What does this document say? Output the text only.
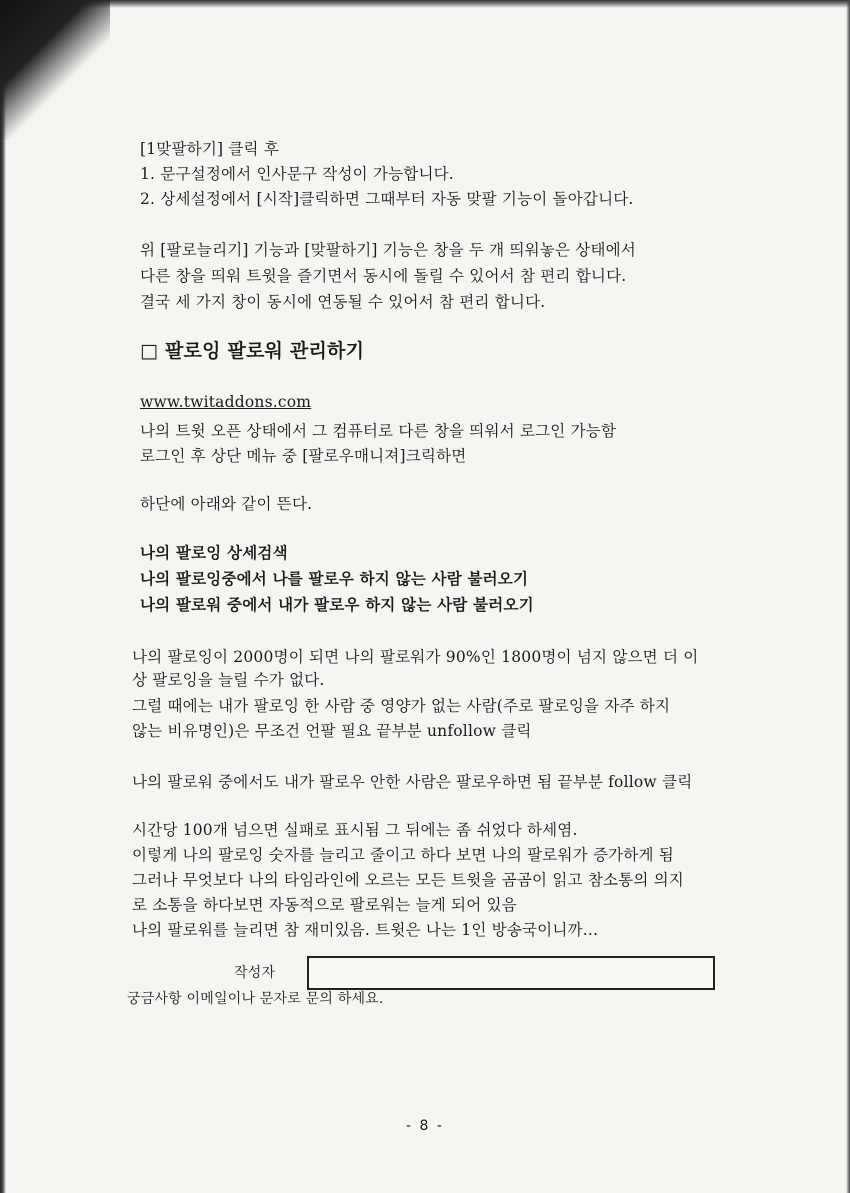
[1맞팔하기] 클릭 후
1. 문구설정에서 인사문구 작성이 가능합니다.
2. 상세설정에서 [시작]클릭하면 그때부터 자동 맞팔 기능이 돌아갑니다.
위 [팔로늘리기] 기능과 [맞팔하기] 기능은 창을 두 개 띄워놓은 상태에서
다른 창을 띄워 트윗을 즐기면서 동시에 돌릴 수 있어서 참 편리 합니다.
결국 세 가지 창이 동시에 연동될 수 있어서 참 편리 합니다.
□ 팔로잉 팔로워 관리하기
www.twitaddons.com
나의 트윗 오픈 상태에서 그 컴퓨터로 다른 창을 띄워서 로그인 가능함
로그인 후 상단 메뉴 중 [팔로우매니져]크릭하면
하단에 아래와 같이 뜬다.
나의 팔로잉 상세검색
나의 팔로잉중에서 나를 팔로우 하지 않는 사람 불러오기
나의 팔로워 중에서 내가 팔로우 하지 않는 사람 불러오기
나의 팔로잉이 2000명이 되면 나의 팔로워가 90%인 1800명이 넘지 않으면 더 이
상 팔로잉을 늘릴 수가 없다.
그럴 때에는 내가 팔로잉 한 사람 중 영양가 없는 사람(주로 팔로잉을 자주 하지
않는 비유명인)은 무조건 언팔 필요 끝부분 unfollow 클릭
나의 팔로워 중에서도 내가 팔로우 안한 사람은 팔로우하면 됨 끝부분 follow 클릭
시간당 100개 넘으면 실패로 표시됨 그 뒤에는 좀 쉬었다 하세염.
이렇게 나의 팔로잉 숫자를 늘리고 줄이고 하다 보면 나의 팔로워가 증가하게 됨
그러나 무엇보다 나의 타임라인에 오르는 모든 트윗을 곰곰이 읽고 참소통의 의지
로 소통을 하다보면 자동적으로 팔로워는 늘게 되어 있음
나의 팔로워를 늘리면 참 재미있음. 트윗은 나는 1인 방송국이니까...
작성자
궁금사항 이메일이나 문자로 문의 하세요.
- 8 -
